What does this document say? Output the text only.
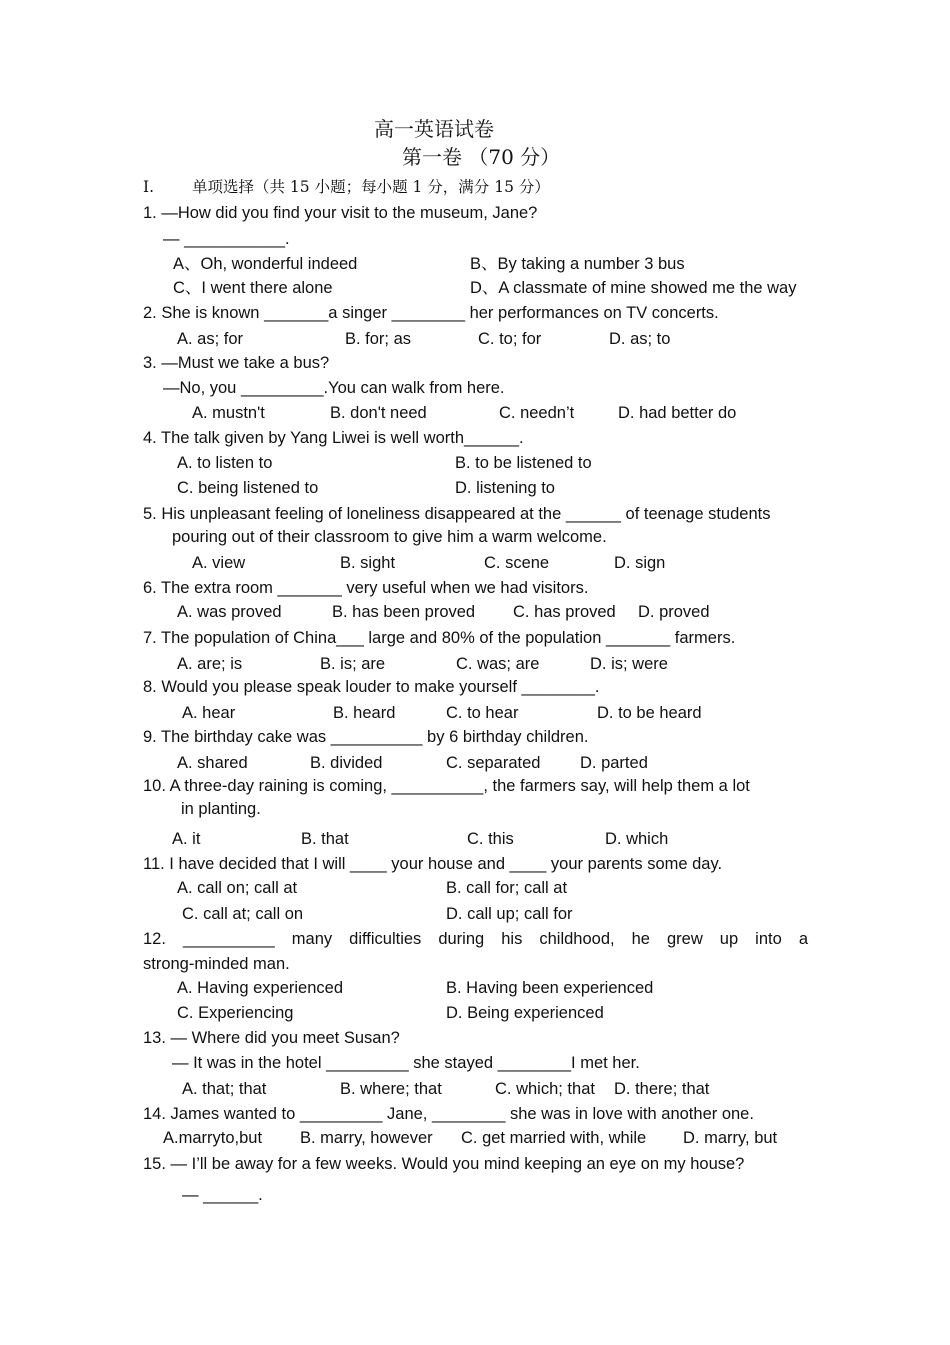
高一英语试卷
第一卷 （70 分）
Ⅰ. 单项选择（共 15 小题；每小题 1 分，满分 15 分）
1. —How did you find your visit to the museum, Jane?
— ___________.
A、Oh, wonderful indeed	B、By taking a number 3 bus
C、I went there alone	D、A classmate of mine showed me the way
2. She is known _______a singer ________ her performances on TV concerts.
A. as; for	B. for; as	C. to; for	D. as; to
3. —Must we take a bus?
—No, you _________.You can walk from here.
A. mustn't	B. don't need	C. needn’t	D. had better do
4. The talk given by Yang Liwei is well worth______.
A. to listen to	B. to be listened to
C. being listened to	D. listening to
5. His unpleasant feeling of loneliness disappeared at the ______ of teenage students
pouring out of their classroom to give him a warm welcome.
A. view	B. sight	C. scene	D. sign
6. The extra room _______ very useful when we had visitors.
A. was proved	B. has been proved C. has proved D. proved
7. The population of China___ large and 80% of the population _______ farmers.
A. are; is	B. is; are	C. was; are	D. is; were
8. Would you please speak louder to make yourself ________.
A. hear	B. heard	C. to hear	D. to be heard
9. The birthday cake was __________ by 6 birthday children.
A. shared	B. divided	C. separated D. parted
10. A three-day raining is coming, __________, the farmers say, will help them a lot
in planting.
A. it	B. that	C. this	D. which
11. I have decided that I will ____ your house and ____ your parents some day.
A. call on; call at	B. call for; call at
C. call at; call on	D. call up; call for
12. __________ many difficulties during his childhood, he grew up into a
strong-minded man.
A. Having experienced	B. Having been experienced
C. Experiencing	D. Being experienced
13. — Where did you meet Susan?
— It was in the hotel _________ she stayed ________I met her.
A. that; that	B. where; that	C. which; that D. there; that
14. James wanted to _________ Jane, ________ she was in love with another one.
A.marryto,but B. marry, however C. get married with, while D. marry, but
15. — I’ll be away for a few weeks. Would you mind keeping an eye on my house?
— ______.
